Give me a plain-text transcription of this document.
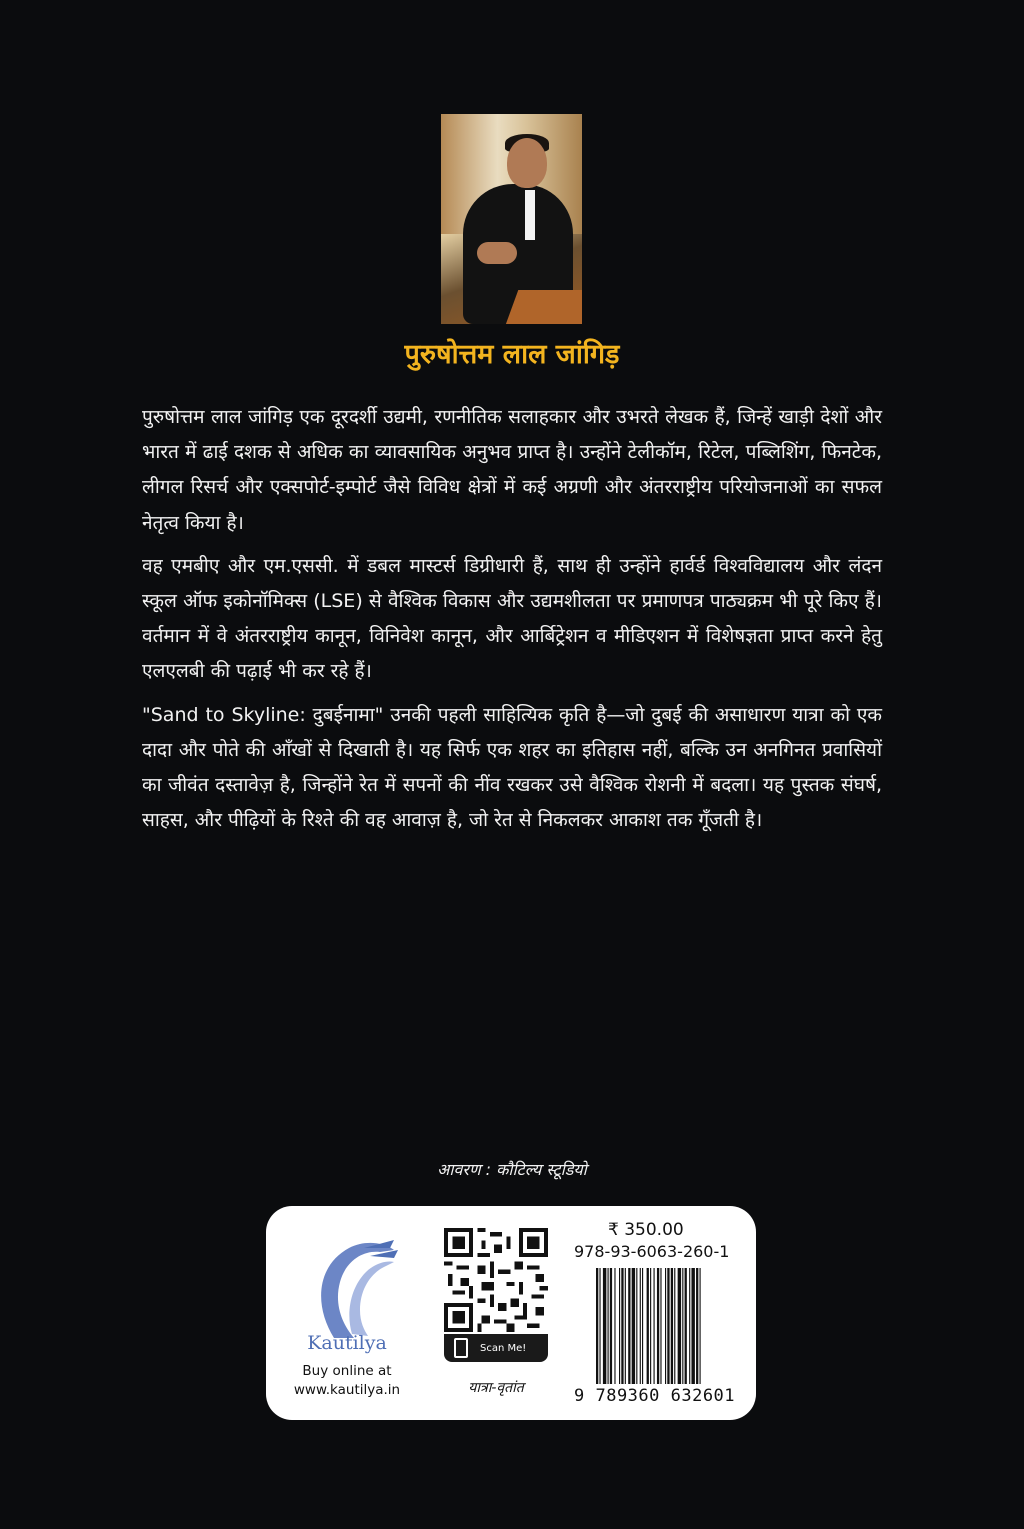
पुरुषोत्तम लाल जांगिड़

पुरुषोत्तम लाल जांगिड़ एक दूरदर्शी उद्यमी, रणनीतिक सलाहकार और उभरते लेखक हैं, जिन्हें खाड़ी देशों और भारत में ढाई दशक से अधिक का व्यावसायिक अनुभव प्राप्त है। उन्होंने टेलीकॉम, रिटेल, पब्लिशिंग, फिनटेक, लीगल रिसर्च और एक्सपोर्ट-इम्पोर्ट जैसे विविध क्षेत्रों में कई अग्रणी और अंतरराष्ट्रीय परियोजनाओं का सफल नेतृत्व किया है।

वह एमबीए और एम.एससी. में डबल मास्टर्स डिग्रीधारी हैं, साथ ही उन्होंने हार्वर्ड विश्वविद्यालय और लंदन स्कूल ऑफ इकोनॉमिक्स (LSE) से वैश्विक विकास और उद्यमशीलता पर प्रमाणपत्र पाठ्यक्रम भी पूरे किए हैं। वर्तमान में वे अंतरराष्ट्रीय कानून, विनिवेश कानून, और आर्बिट्रेशन व मीडिएशन में विशेषज्ञता प्राप्त करने हेतु एलएलबी की पढ़ाई भी कर रहे हैं।

"Sand to Skyline: दुबईनामा" उनकी पहली साहित्यिक कृति है—जो दुबई की असाधारण यात्रा को एक दादा और पोते की आँखों से दिखाती है। यह सिर्फ एक शहर का इतिहास नहीं, बल्कि उन अनगिनत प्रवासियों का जीवंत दस्तावेज़ है, जिन्होंने रेत में सपनों की नींव रखकर उसे वैश्विक रोशनी में बदला। यह पुस्तक संघर्ष, साहस, और पीढ़ियों के रिश्ते की वह आवाज़ है, जो रेत से निकलकर आकाश तक गूँजती है।

आवरण : कौटिल्य स्टूडियो
Kautilya
Buy online at
www.kautilya.in
Scan Me!
यात्रा-वृतांत
₹ 350.00
978-93-6063-260-1
9 789360 632601
